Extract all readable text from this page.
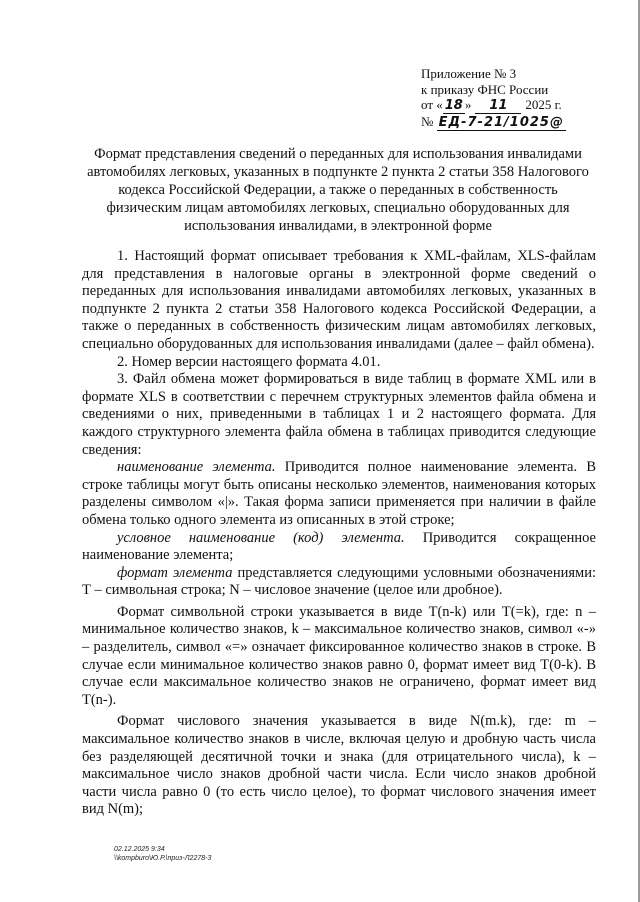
Приложение № 3
к приказу ФНС России
от « 18 » 11 2025 г.
№ ЕД-7-21/1025@
Формат представления сведений о переданных для использования инвалидами автомобилях легковых, указанных в подпункте 2 пункта 2 статьи 358 Налогового кодекса Российской Федерации, а также о переданных в собственность физическим лицам автомобилях легковых, специально оборудованных для использования инвалидами, в электронной форме

1. Настоящий формат описывает требования к XML-файлам, XLS-файлам для представления в налоговые органы в электронной форме сведений о переданных для использования инвалидами автомобилях легковых, указанных в подпункте 2 пункта 2 статьи 358 Налогового кодекса Российской Федерации, а также о переданных в собственность физическим лицам автомобилях легковых, специально оборудованных для использования инвалидами (далее – файл обмена).

2. Номер версии настоящего формата 4.01.

3. Файл обмена может формироваться в виде таблиц в формате XML или в формате XLS в соответствии с перечнем структурных элементов файла обмена и сведениями о них, приведенными в таблицах 1 и 2 настоящего формата. Для каждого структурного элемента файла обмена в таблицах приводится следующие сведения:

наименование элемента. Приводится полное наименование элемента. В строке таблицы могут быть описаны несколько элементов, наименования которых разделены символом «|». Такая форма записи применяется при наличии в файле обмена только одного элемента из описанных в этой строке;

условное наименование (код) элемента. Приводится сокращенное наименование элемента;

формат элемента представляется следующими условными обозначениями: Т – символьная строка; N – числовое значение (целое или дробное).

Формат символьной строки указывается в виде T(n-k) или T(=k), где: n – минимальное количество знаков, k – максимальное количество знаков, символ «-» – разделитель, символ «=» означает фиксированное количество знаков в строке. В случае если минимальное количество знаков равно 0, формат имеет вид T(0-k). В случае если максимальное количество знаков не ограничено, формат имеет вид T(n-).

Формат числового значения указывается в виде N(m.k), где: m – максимальное количество знаков в числе, включая целую и дробную часть числа без разделяющей десятичной точки и знака (для отрицательного числа), k – максимальное число знаков дробной части числа. Если число знаков дробной части числа равно 0 (то есть число целое), то формат числового значения имеет вид N(m);

02.12.2025 9:34
\\kompburo\Ю.Р.\приз-Л2278-3
